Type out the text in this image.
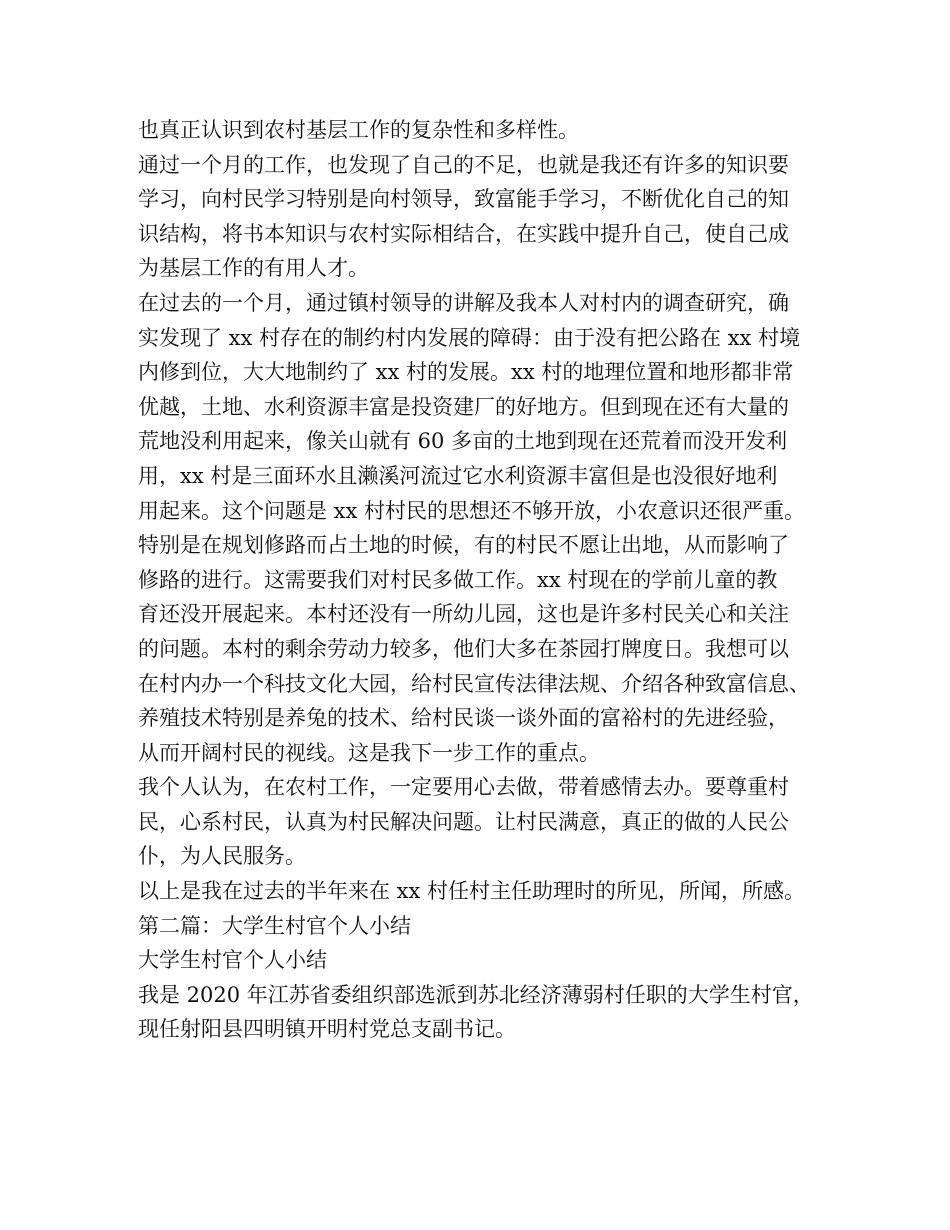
也真正认识到农村基层工作的复杂性和多样性。
通过一个月的工作，也发现了自己的不足，也就是我还有许多的知识要
学习，向村民学习特别是向村领导，致富能手学习，不断优化自己的知
识结构，将书本知识与农村实际相结合，在实践中提升自己，使自己成
为基层工作的有用人才。
在过去的一个月，通过镇村领导的讲解及我本人对村内的调查研究，确
实发现了 xx 村存在的制约村内发展的障碍：由于没有把公路在 xx 村境
内修到位，大大地制约了 xx 村的发展。xx 村的地理位置和地形都非常
优越，土地、水利资源丰富是投资建厂的好地方。但到现在还有大量的
荒地没利用起来，像关山就有 60 多亩的土地到现在还荒着而没开发利
用，xx 村是三面环水且濑溪河流过它水利资源丰富但是也没很好地利
用起来。这个问题是 xx 村村民的思想还不够开放，小农意识还很严重。
特别是在规划修路而占土地的时候，有的村民不愿让出地，从而影响了
修路的进行。这需要我们对村民多做工作。xx 村现在的学前儿童的教
育还没开展起来。本村还没有一所幼儿园，这也是许多村民关心和关注
的问题。本村的剩余劳动力较多，他们大多在茶园打牌度日。我想可以
在村内办一个科技文化大园，给村民宣传法律法规、介绍各种致富信息、
养殖技术特别是养兔的技术、给村民谈一谈外面的富裕村的先进经验，
从而开阔村民的视线。这是我下一步工作的重点。
我个人认为，在农村工作，一定要用心去做，带着感情去办。要尊重村
民，心系村民，认真为村民解决问题。让村民满意，真正的做的人民公
仆，为人民服务。
以上是我在过去的半年来在 xx 村任村主任助理时的所见，所闻，所感。
第二篇：大学生村官个人小结
大学生村官个人小结
我是 2020 年江苏省委组织部选派到苏北经济薄弱村任职的大学生村官，
现任射阳县四明镇开明村党总支副书记。
